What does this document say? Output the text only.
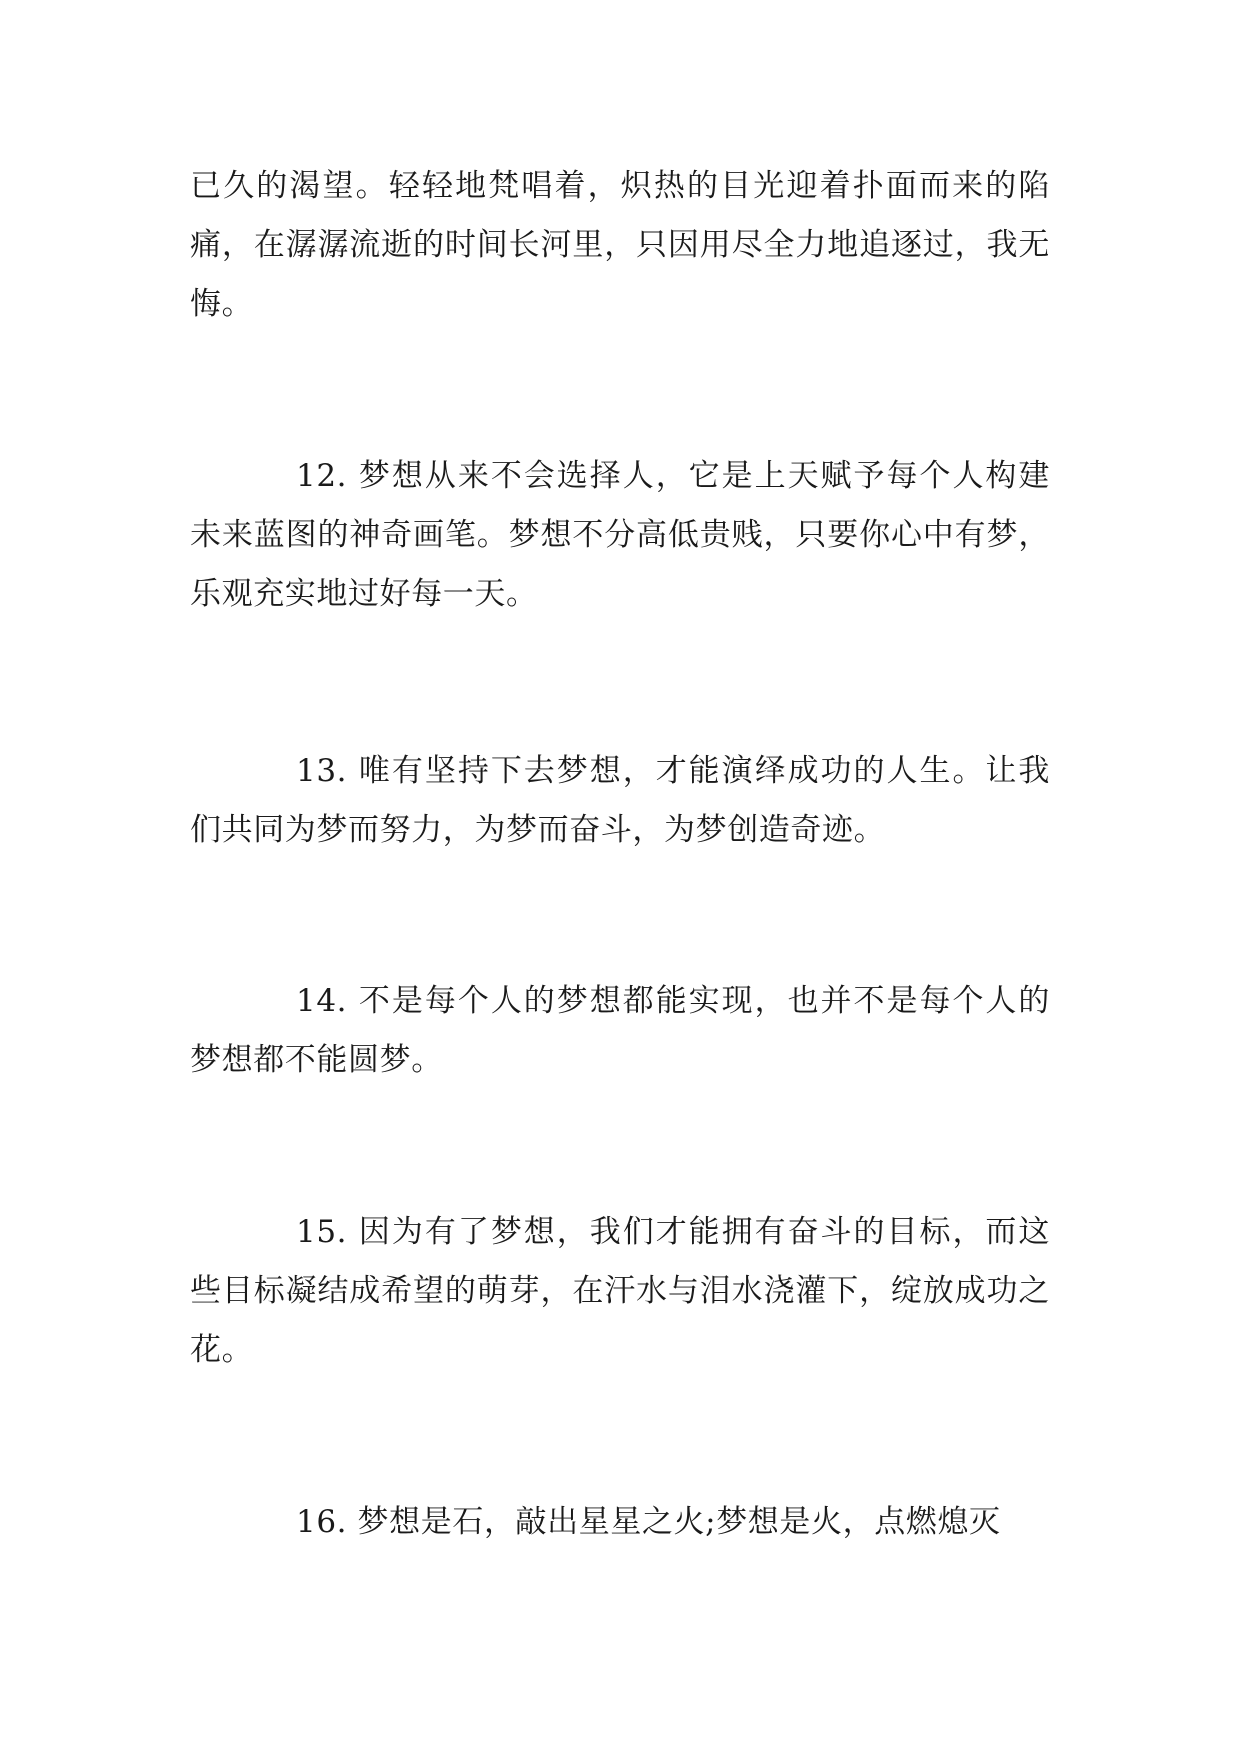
已久的渴望。轻轻地梵唱着，炽热的目光迎着扑面而来的陷痛，在潺潺流逝的时间长河里，只因用尽全力地追逐过，我无悔。

12. 梦想从来不会选择人，它是上天赋予每个人构建未来蓝图的神奇画笔。梦想不分高低贵贱，只要你心中有梦，乐观充实地过好每一天。

13. 唯有坚持下去梦想，才能演绎成功的人生。让我们共同为梦而努力，为梦而奋斗，为梦创造奇迹。

14. 不是每个人的梦想都能实现，也并不是每个人的梦想都不能圆梦。

15. 因为有了梦想，我们才能拥有奋斗的目标，而这些目标凝结成希望的萌芽，在汗水与泪水浇灌下，绽放成功之花。

16. 梦想是石，敲出星星之火;梦想是火，点燃熄灭
